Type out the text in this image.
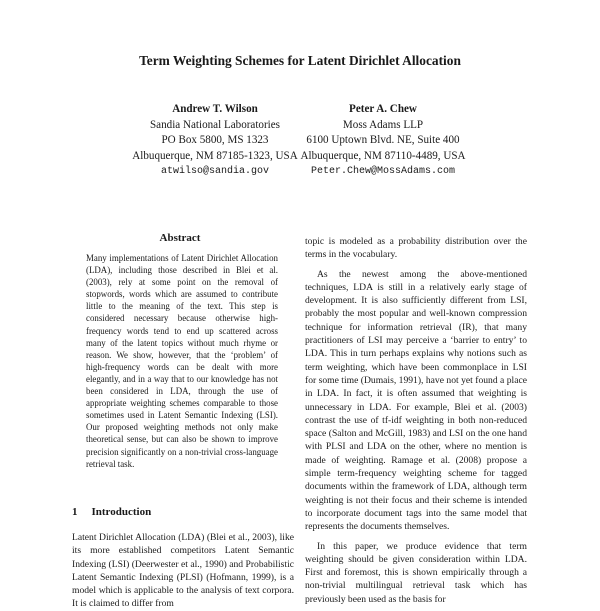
Term Weighting Schemes for Latent Dirichlet Allocation
Andrew T. Wilson
Sandia National Laboratories
PO Box 5800, MS 1323
Albuquerque, NM 87185-1323, USA
atwilso@sandia.gov
Peter A. Chew
Moss Adams LLP
6100 Uptown Blvd. NE, Suite 400
Albuquerque, NM 87110-4489, USA
Peter.Chew@MossAdams.com
Abstract
Many implementations of Latent Dirichlet Allocation (LDA), including those described in Blei et al. (2003), rely at some point on the removal of stopwords, words which are assumed to contribute little to the meaning of the text. This step is considered necessary because otherwise high-frequency words tend to end up scattered across many of the latent topics without much rhyme or reason. We show, however, that the ‘problem’ of high-frequency words can be dealt with more elegantly, and in a way that to our knowledge has not been considered in LDA, through the use of appropriate weighting schemes comparable to those sometimes used in Latent Semantic Indexing (LSI). Our proposed weighting methods not only make theoretical sense, but can also be shown to improve precision significantly on a non-trivial cross-language retrieval task.
1 Introduction

Latent Dirichlet Allocation (LDA) (Blei et al., 2003), like its more established competitors Latent Semantic Indexing (LSI) (Deerwester et al., 1990) and Probabilistic Latent Semantic Indexing (PLSI) (Hofmann, 1999), is a model which is applicable to the analysis of text corpora. It is claimed to differ from

topic is modeled as a probability distribution over the terms in the vocabulary.

As the newest among the above-mentioned techniques, LDA is still in a relatively early stage of development. It is also sufficiently different from LSI, probably the most popular and well-known compression technique for information retrieval (IR), that many practitioners of LSI may perceive a ‘barrier to entry’ to LDA. This in turn perhaps explains why notions such as term weighting, which have been commonplace in LSI for some time (Dumais, 1991), have not yet found a place in LDA. In fact, it is often assumed that weighting is unnecessary in LDA. For example, Blei et al. (2003) contrast the use of tf-idf weighting in both non-reduced space (Salton and McGill, 1983) and LSI on the one hand with PLSI and LDA on the other, where no mention is made of weighting. Ramage et al. (2008) propose a simple term-frequency weighting scheme for tagged documents within the framework of LDA, although term weighting is not their focus and their scheme is intended to incorporate document tags into the same model that represents the documents themselves.

In this paper, we produce evidence that term weighting should be given consideration within LDA. First and foremost, this is shown empirically through a non-trivial multilingual retrieval task which has previously been used as the basis for
